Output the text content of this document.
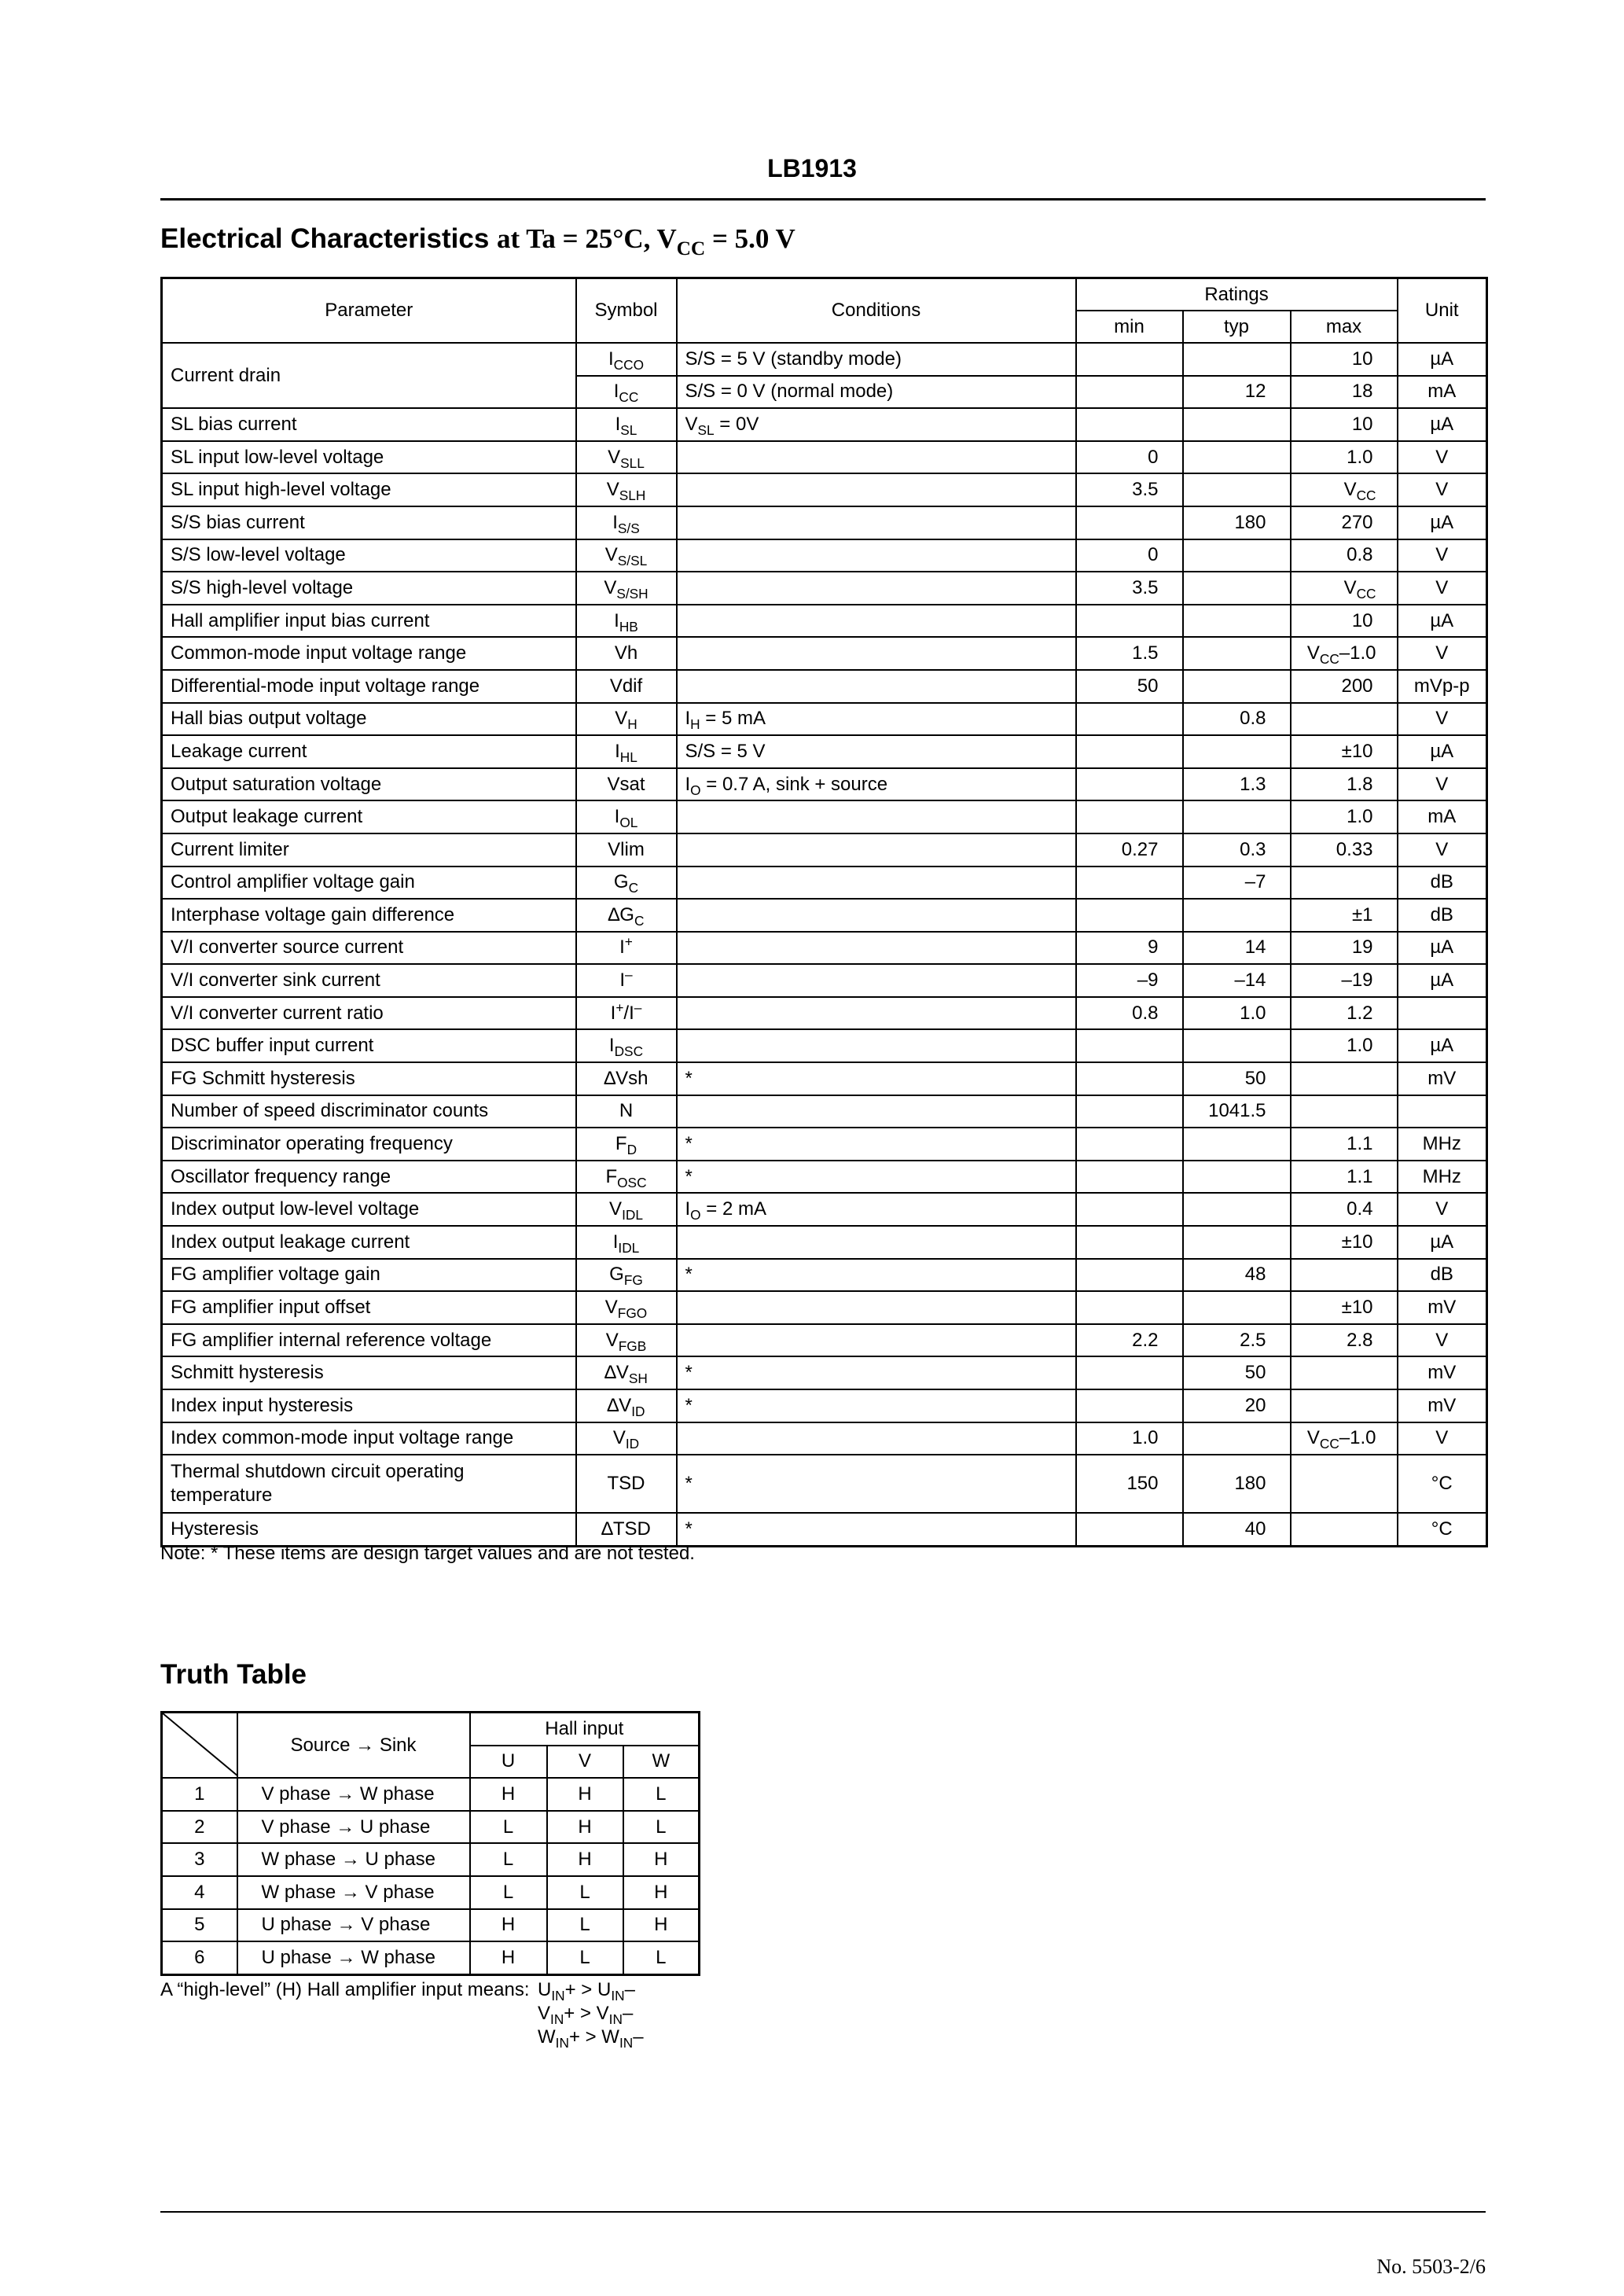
LB1913
Electrical Characteristics at Ta = 25°C, $V_{CC} = 5.0$ V
Parameter	Symbol	Conditions	Ratings			Unit
			min	typ	max	
Current drain	$I_{CCO}$	S/S = 5 V (standby mode)			10	µA
	$I_{CC}$	S/S = 0 V (normal mode)		12	18	mA
SL bias current	$I_{SL}$	$V_{SL} = 0V$			10	µA
SL input low-level voltage	$V_{SLL}$		0		1.0	V
SL input high-level voltage	$V_{SLH}$		3.5		$V_{CC}$	V
S/S bias current	$I_{S/S}$			180	270	µA
S/S low-level voltage	$V_{S/SL}$		0		0.8	V
S/S high-level voltage	$V_{S/SH}$		3.5		$V_{CC}$	V
Hall amplifier input bias current	$I_{HB}$				10	µA
Common-mode input voltage range	Vh		1.5		$V_{CC}-1.0$	V
Differential-mode input voltage range	Vdif		50		200	mVp-p
Hall bias output voltage	$V_H$	$I_H = 5$ mA		0.8		V
Leakage current	$I_{HL}$	S/S = 5 V			±10	µA
Output saturation voltage	Vsat	$I_O = 0.7$ A, sink + source		1.3	1.8	V
Output leakage current	$I_{OL}$				1.0	mA
Current limiter	Vlim		0.27	0.3	0.33	V
Control amplifier voltage gain	$G_C$			–7		dB
Interphase voltage gain difference	$\Delta G_C$				±1	dB
V/I converter source current	I+		9	14	19	µA
V/I converter sink current	I–		–9	–14	–19	µA
V/I converter current ratio	I+/I–		0.8	1.0	1.2	
DSC buffer input current	$I_{DSC}$				1.0	µA
FG Schmitt hysteresis	∆Vsh	*		50		mV
Number of speed discriminator counts	N			1041.5		
Discriminator operating frequency	$F_D$	*			1.1	MHz
Oscillator frequency range	$F_{OSC}$	*			1.1	MHz
Index output low-level voltage	$V_{IDL}$	$I_O = 2$ mA			0.4	V
Index output leakage current	$I_{IDL}$				±10	µA
FG amplifier voltage gain	$G_{FG}$	*		48		dB
FG amplifier input offset	$V_{FGO}$				±10	mV
FG amplifier internal reference voltage	$V_{FGB}$		2.2	2.5	2.8	V
Schmitt hysteresis	$\Delta V_{SH}$	*		50		mV
Index input hysteresis	$\Delta V_{ID}$	*		20		mV
Index common-mode input voltage range	$V_{ID}$		1.0		$V_{CC}-1.0$	V
Thermal shutdown circuit operating temperature	TSD	*	150	180		°C
Hysteresis	∆TSD	*		40		°C
Note: * These items are design target values and are not tested.
Truth Table
	Source → Sink	Hall input		
		U	V	W
1	V phase → W phase	H	H	L
2	V phase → U phase	L	H	L
3	W phase → U phase	L	H	H
4	W phase → V phase	L	L	H
5	U phase → V phase	H	L	H
6	U phase → W phase	H	L	L
A “high-level” (H) Hall amplifier input means: $U_{IN}+ > U_{IN}-$
$V_{IN}+ > V_{IN}-$
$W_{IN}+ > W_{IN}-$
No. 5503-2/6
